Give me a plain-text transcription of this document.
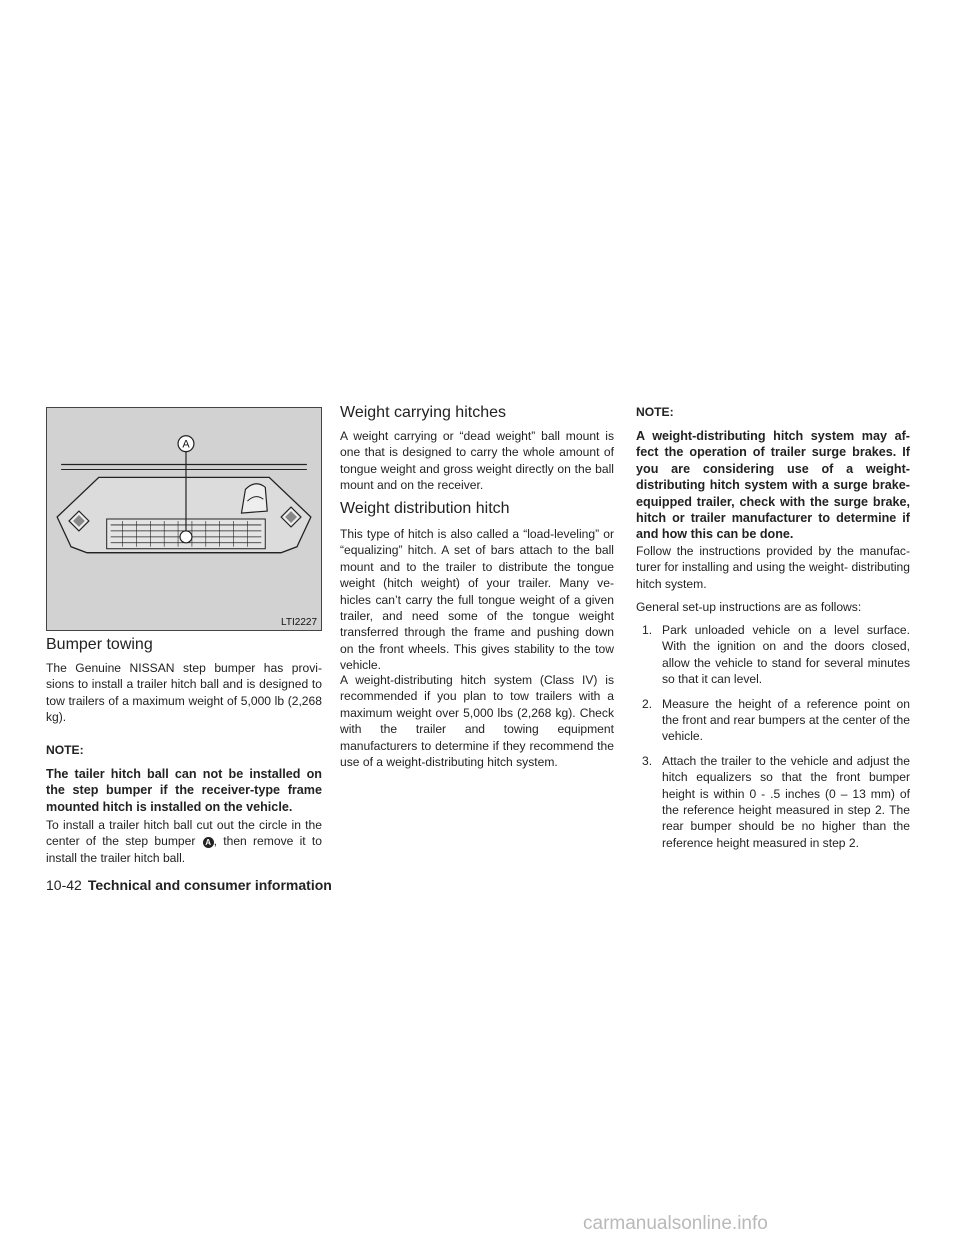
A
LTI2227
Bumper towing

The Genuine NISSAN step bumper has provi- sions to install a trailer hitch ball and is designed to tow trailers of a maximum weight of 5,000 lb (2,268 kg).

NOTE:

The tailer hitch ball can not be installed on the step bumper if the receiver-type frame mounted hitch is installed on the vehicle.

To install a trailer hitch ball cut out the circle in the center of the step bumper A , then remove it to install the trailer hitch ball.

Weight carrying hitches

A weight carrying or “dead weight” ball mount is one that is designed to carry the whole amount of tongue weight and gross weight directly on the ball mount and on the receiver.

Weight distribution hitch

This type of hitch is also called a “load-leveling” or “equalizing” hitch. A set of bars attach to the ball mount and to the trailer to distribute the tongue weight (hitch weight) of your trailer. Many ve- hicles can’t carry the full tongue weight of a given trailer, and need some of the tongue weight transferred through the frame and pushing down on the front wheels. This gives stability to the tow vehicle.

A weight-distributing hitch system (Class IV) is recommended if you plan to tow trailers with a maximum weight over 5,000 lbs (2,268 kg). Check with the trailer and towing equipment manufacturers to determine if they recommend the use of a weight-distributing hitch system.

NOTE:

A weight-distributing hitch system may af- fect the operation of trailer surge brakes. If you are considering use of a weight- distributing hitch system with a surge brake-equipped trailer, check with the surge brake, hitch or trailer manufacturer to determine if and how this can be done.

Follow the instructions provided by the manufac- turer for installing and using the weight- distributing hitch system.

General set-up instructions are as follows:

1. Park unloaded vehicle on a level surface. With the ignition on and the doors closed, allow the vehicle to stand for several minutes so that it can level.
2. Measure the height of a reference point on the front and rear bumpers at the center of the vehicle.
3. Attach the trailer to the vehicle and adjust the hitch equalizers so that the front bumper height is within 0 - .5 inches (0 – 13 mm) of the reference height measured in step 2. The rear bumper should be no higher than the reference height measured in step 2.
10-42 Technical and consumer information
carmanualsonline.info
